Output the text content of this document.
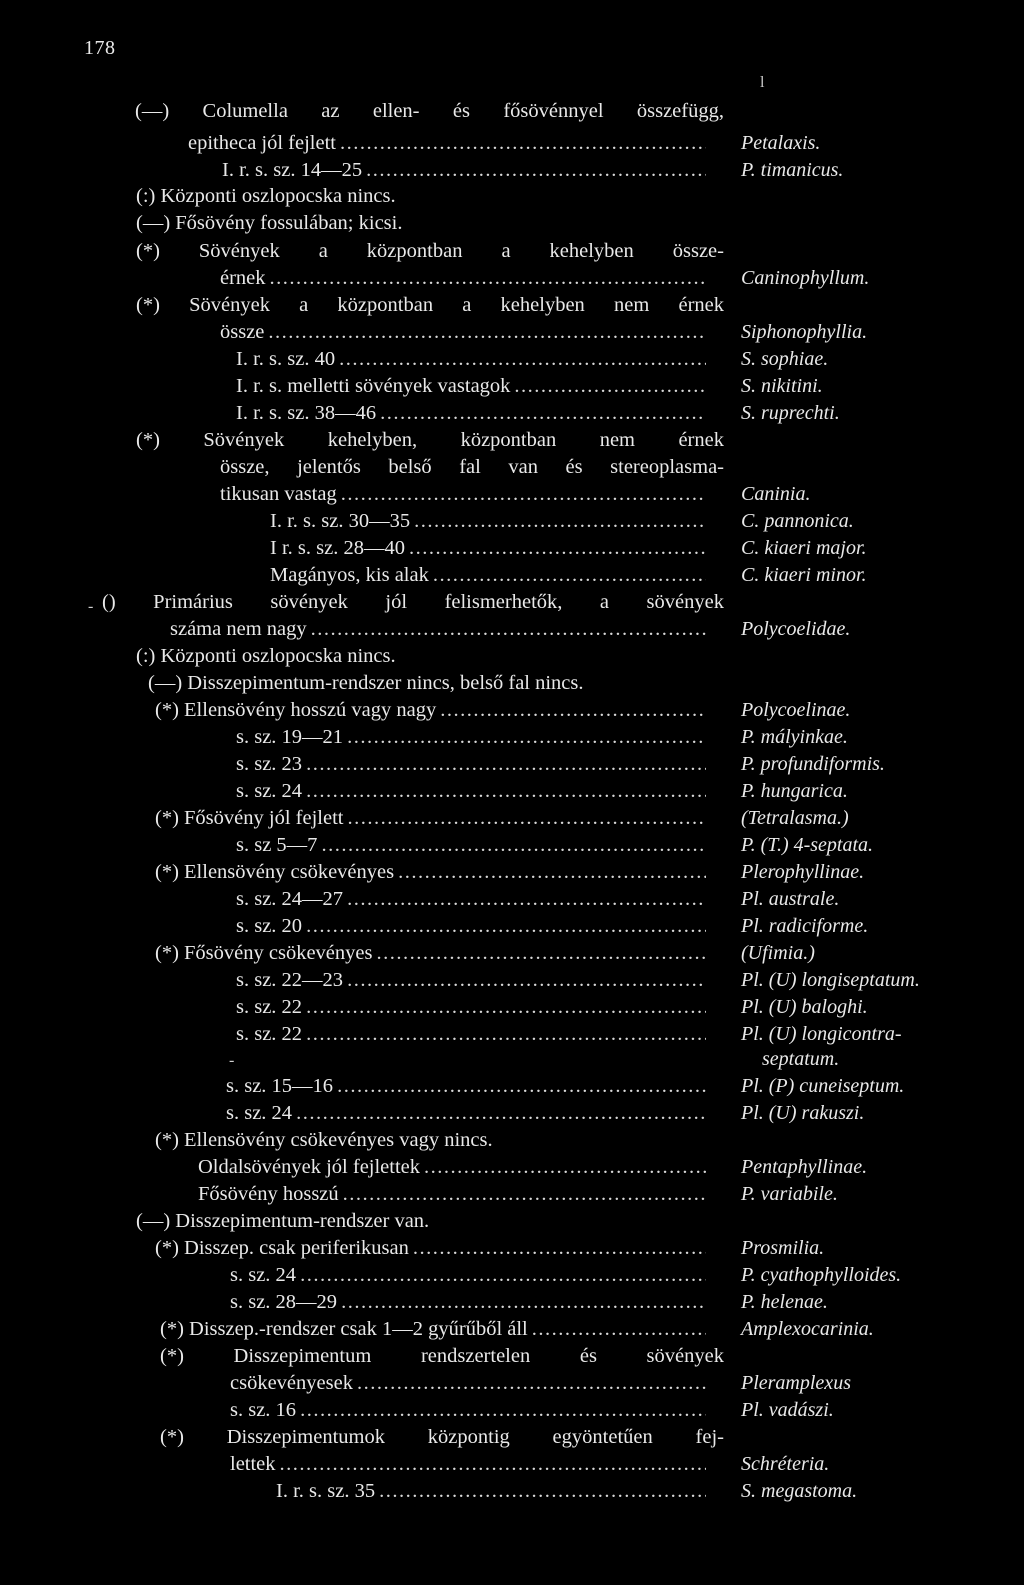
178
l
-
-
(—) Columella az ellen- és fősövénnyel összefügg,
epitheca jól fejlett .....	Petalaxis.
I. r. s. sz. 14—25 .....	P. timanicus.
(:) Központi oszlopocska nincs.
(—) Fősövény fossulában; kicsi.
(*) Sövények a központban a kehelyben össze-
érnek .....	Caninophyllum.
(*) Sövények a központban a kehelyben nem érnek
össze .....	Siphonophyllia.
I. r. s. sz. 40 .....	S. sophiae.
I. r. s. melletti sövények vastagok .....	S. nikitini.
I. r. s. sz. 38—46 .....	S. ruprechti.
(*) Sövények kehelyben, központban nem érnek
össze, jelentős belső fal van és stereoplasma-
tikusan vastag .....	Caninia.
I. r. s. sz. 30—35 .....	C. pannonica.
I r. s. sz. 28—40 .....	C. kiaeri major.
Magányos, kis alak .....	C. kiaeri minor.
() Primárius sövények jól felismerhetők, a sövények
száma nem nagy .....	Polycoelidae.
(:) Központi oszlopocska nincs.
(—) Disszepimentum-rendszer nincs, belső fal nincs.
(*) Ellensövény hosszú vagy nagy .....	Polycoelinae.
s. sz. 19—21 .....	P. mályinkae.
s. sz. 23 .....	P. profundiformis.
s. sz. 24 .....	P. hungarica.
(*) Fősövény jól fejlett .....	(Tetralasma.)
s. sz 5—7 .....	P. (T.) 4-septata.
(*) Ellensövény csökevényes .....	Plerophyllinae.
s. sz. 24—27 .....	Pl. australe.
s. sz. 20 .....	Pl. radiciforme.
(*) Fősövény csökevényes .....	(Ufimia.)
s. sz. 22—23 .....	Pl. (U) longiseptatum.
s. sz. 22 .....	Pl. (U) baloghi.
s. sz. 22 .....	Pl. (U) longicontra-
septatum.
s. sz. 15—16 .....	Pl. (P) cuneiseptum.
s. sz. 24 .....	Pl. (U) rakuszi.
(*) Ellensövény csökevényes vagy nincs.
Oldalsövények jól fejlettek .....	Pentaphyllinae.
Fősövény hosszú .....	P. variabile.
(—) Disszepimentum-rendszer van.
(*) Disszep. csak periferikusan .....	Prosmilia.
s. sz. 24 .....	P. cyathophylloides.
s. sz. 28—29 .....	P. helenae.
(*) Disszep.-rendszer csak 1—2 gyűrűből áll .....	Amplexocarinia.
(*) Disszepimentum rendszertelen és sövények
csökevényesek .....	Pleramplexus
s. sz. 16 .....	Pl. vadászi.
(*) Disszepimentumok központig egyöntetűen fej-
lettek .....	Schréteria.
I. r. s. sz. 35 .....	S. megastoma.
